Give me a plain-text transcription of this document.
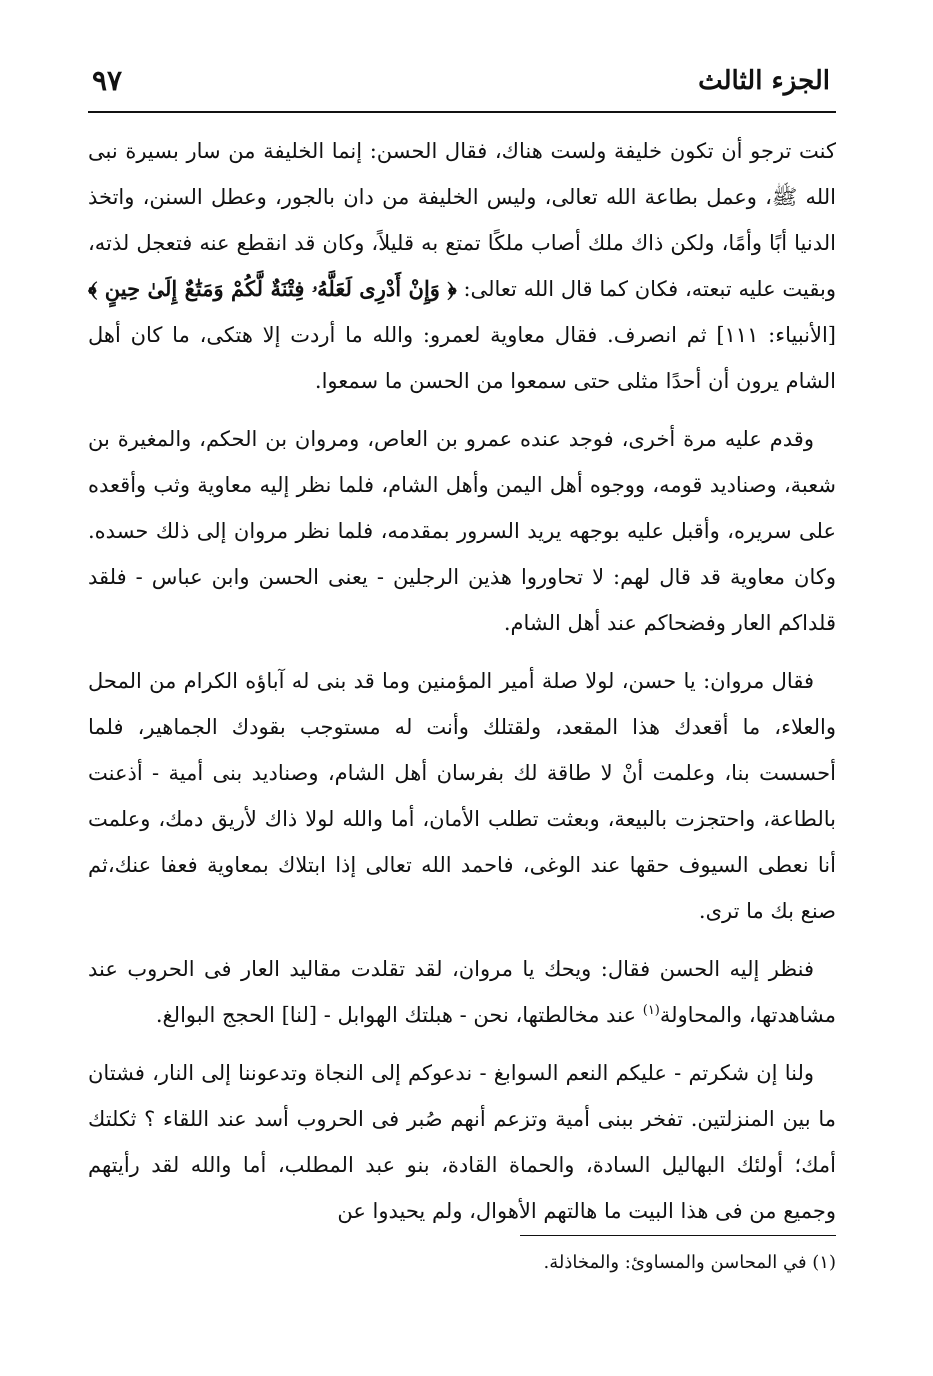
الجزء الثالث
٩٧

كنت ترجو أن تكون خليفة ولست هناك، فقال الحسن: إنما الخليفة من سار بسيرة نبى الله ﷺ، وعمل بطاعة الله تعالى، وليس الخليفة من دان بالجور، وعطل السنن، واتخذ الدنيا أبًا وأمًا، ولكن ذاك ملك أصاب ملكًا تمتع به قليلاً، وكان قد انقطع عنه فتعجل لذته، وبقيت عليه تبعته، فكان كما قال الله تعالى: ﴿ وَإِنْ أَدْرِى لَعَلَّهُۥ فِتْنَةٌ لَّكُمْ وَمَتَٰعٌ إِلَىٰ حِينٍ ﴾ [الأنبياء: ١١١] ثم انصرف. فقال معاوية لعمرو: والله ما أردت إلا هتكى، ما كان أهل الشام يرون أن أحدًا مثلى حتى سمعوا من الحسن ما سمعوا.

وقدم عليه مرة أخرى، فوجد عنده عمرو بن العاص، ومروان بن الحكم، والمغيرة بن شعبة، وصناديد قومه، ووجوه أهل اليمن وأهل الشام، فلما نظر إليه معاوية وثب وأقعده على سريره، وأقبل عليه بوجهه يريد السرور بمقدمه، فلما نظر مروان إلى ذلك حسده. وكان معاوية قد قال لهم: لا تحاوروا هذين الرجلين - يعنى الحسن وابن عباس - فلقد قلداكم العار وفضحاكم عند أهل الشام.

فقال مروان: يا حسن، لولا صلة أمير المؤمنين وما قد بنى له آباؤه الكرام من المحل والعلاء، ما أقعدك هذا المقعد، ولقتلك وأنت له مستوجب بقودك الجماهير، فلما أحسست بنا، وعلمت أنْ لا طاقة لك بفرسان أهل الشام، وصناديد بنى أمية - أذعنت بالطاعة، واحتجزت بالبيعة، وبعثت تطلب الأمان، أما والله لولا ذاك لأريق دمك، وعلمت أنا نعطى السيوف حقها عند الوغى، فاحمد الله تعالى إذا ابتلاك بمعاوية فعفا عنك،ثم صنع بك ما ترى.

فنظر إليه الحسن فقال: ويحك يا مروان، لقد تقلدت مقاليد العار فى الحروب عند مشاهدتها، والمحاولة$^{(١)}$ عند مخالطتها، نحن - هبلتك الهوابل - [لنا] الحجج البوالغ.

ولنا إن شكرتم - عليكم النعم السوابغ - ندعوكم إلى النجاة وتدعوننا إلى النار، فشتان ما بين المنزلتين. تفخر ببنى أمية وتزعم أنهم صُبر فى الحروب أسد عند اللقاء ؟ ثكلتك أمك؛ أولئك البهاليل السادة، والحماة القادة، بنو عبد المطلب، أما والله لقد رأيتهم وجميع من فى هذا البيت ما هالتهم الأهوال، ولم يحيدوا عن

(١) في المحاسن والمساوئ: والمخاذلة.
